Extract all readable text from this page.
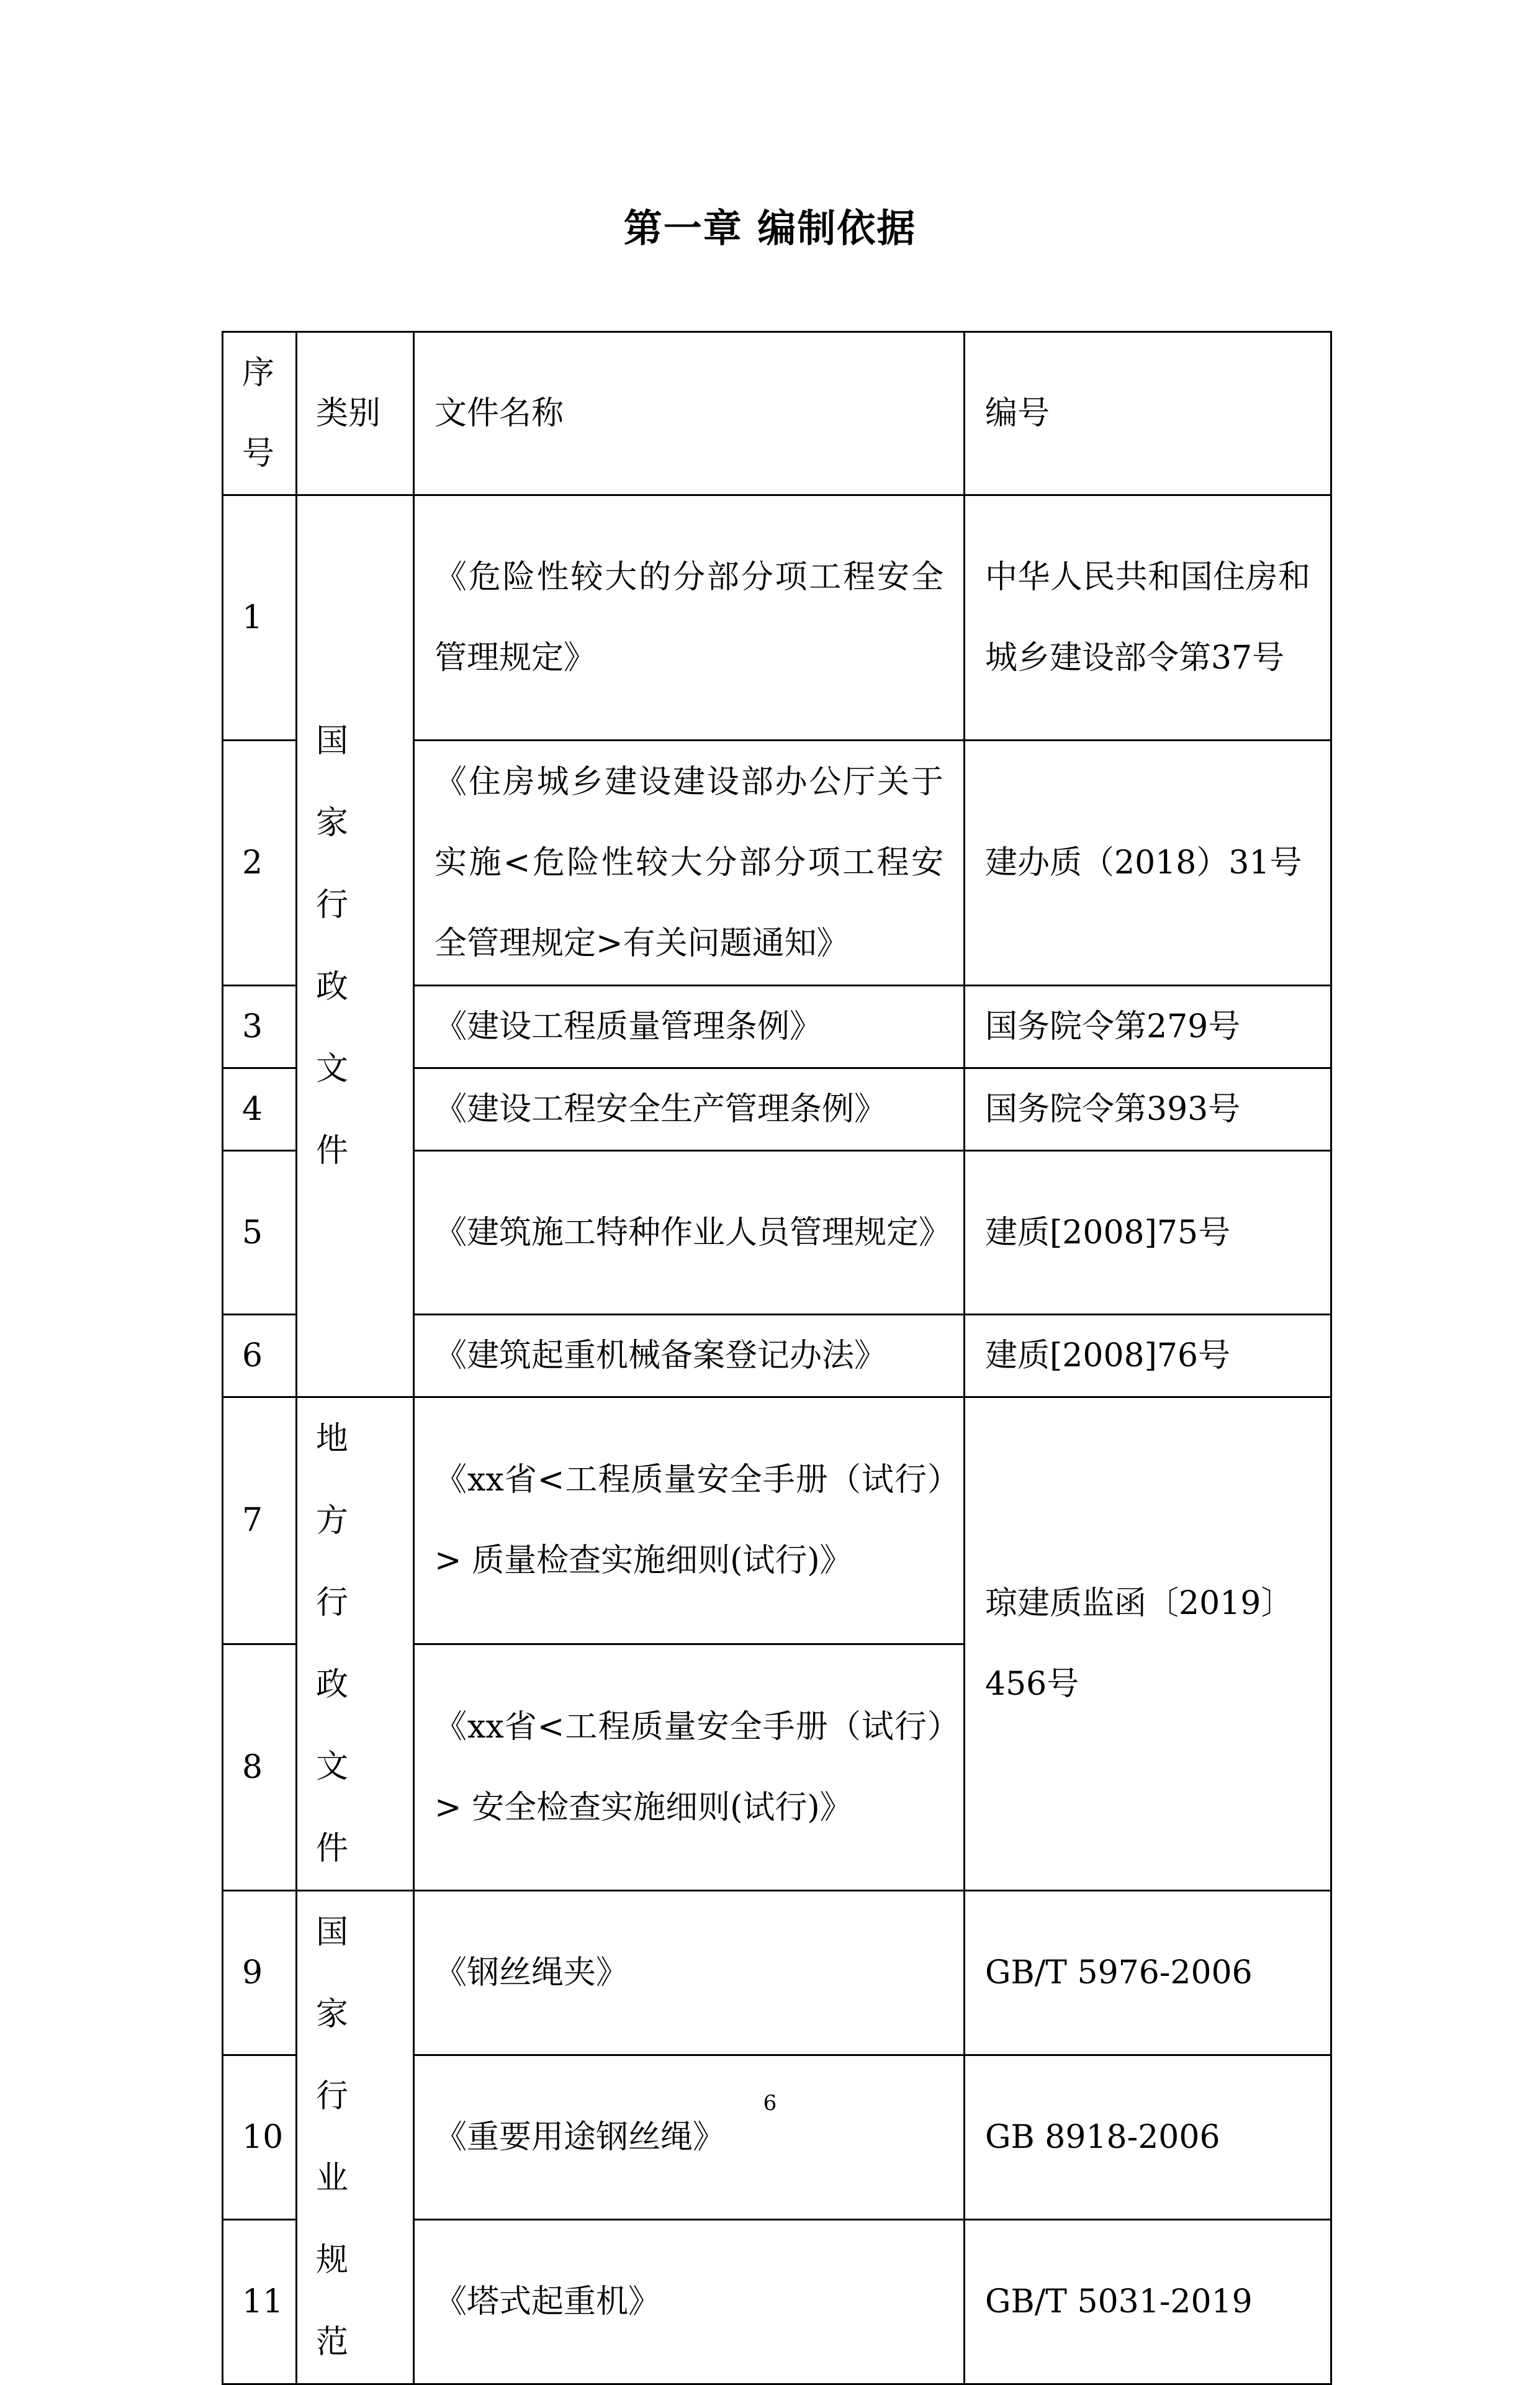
第一章 编制依据
序
号	类别	文件名称	编号
1	国家行政文件	《危险性较大的分部分项工程安全管理规定》	中华人民共和国住房和城乡建设部令第37号
2		《住房城乡建设建设部办公厅关于实施<危险性较大分部分项工程安全管理规定>有关问题通知》	建办质（2018）31号
3		《建设工程质量管理条例》	国务院令第279号
4		《建设工程安全生产管理条例》	国务院令第393号
5		《建筑施工特种作业人员管理规定》	建质[2008]75号
6		《建筑起重机械备案登记办法》	建质[2008]76号
7	地方行政文件	《xx省<工程质量安全手册（试行）> 质量检查实施细则(试行)》	琼建质监函〔2019〕456号
8		《xx省<工程质量安全手册（试行）> 安全检查实施细则(试行)》	
9	国家行业规范	《钢丝绳夹》	GB/T 5976-2006
10		《重要用途钢丝绳》	GB 8918-2006
11		《塔式起重机》	GB/T 5031-2019
6
